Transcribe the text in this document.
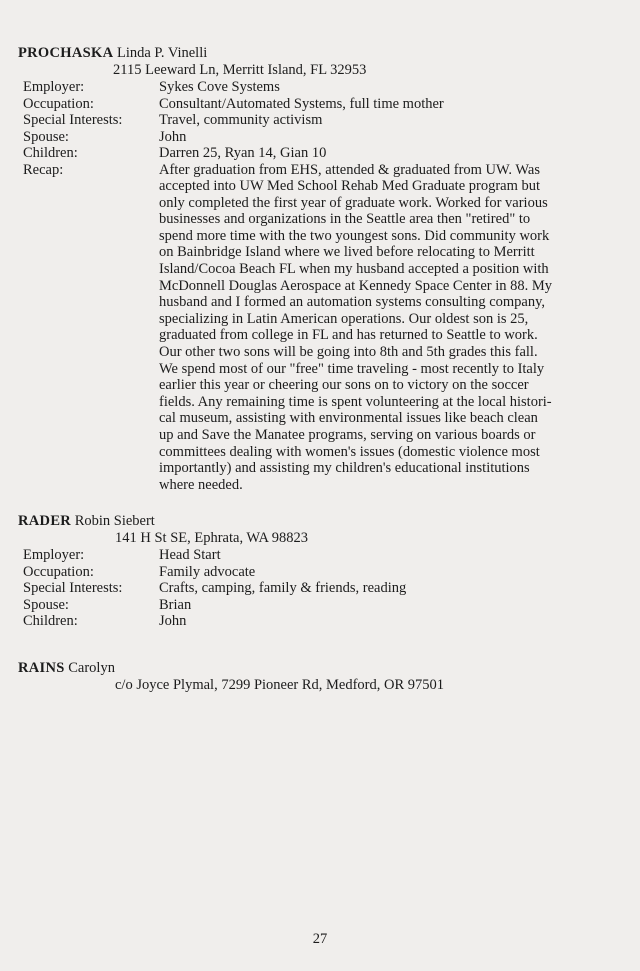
PROCHASKA Linda P. Vinelli
2115 Leeward Ln, Merritt Island, FL 32953
Employer:	Sykes Cove Systems
Occupation:	Consultant/Automated Systems, full time mother
Special Interests:	Travel, community activism
Spouse:	John
Children:	Darren 25, Ryan 14, Gian 10
Recap:	After graduation from EHS, attended & graduated from UW. Was
accepted into UW Med School Rehab Med Graduate program but
only completed the first year of graduate work. Worked for various
businesses and organizations in the Seattle area then "retired" to
spend more time with the two youngest sons. Did community work
on Bainbridge Island where we lived before relocating to Merritt
Island/Cocoa Beach FL when my husband accepted a position with
McDonnell Douglas Aerospace at Kennedy Space Center in 88. My
husband and I formed an automation systems consulting company,
specializing in Latin American operations. Our oldest son is 25,
graduated from college in FL and has returned to Seattle to work.
Our other two sons will be going into 8th and 5th grades this fall.
We spend most of our "free" time traveling - most recently to Italy
earlier this year or cheering our sons on to victory on the soccer
fields. Any remaining time is spent volunteering at the local histori-
cal museum, assisting with environmental issues like beach clean
up and Save the Manatee programs, serving on various boards or
committees dealing with women's issues (domestic violence most
importantly) and assisting my children's educational institutions
where needed.
RADER Robin Siebert
141 H St SE, Ephrata, WA 98823
Employer:	Head Start
Occupation:	Family advocate
Special Interests:	Crafts, camping, family & friends, reading
Spouse:	Brian
Children:	John
RAINS Carolyn
c/o Joyce Plymal, 7299 Pioneer Rd, Medford, OR 97501
27
